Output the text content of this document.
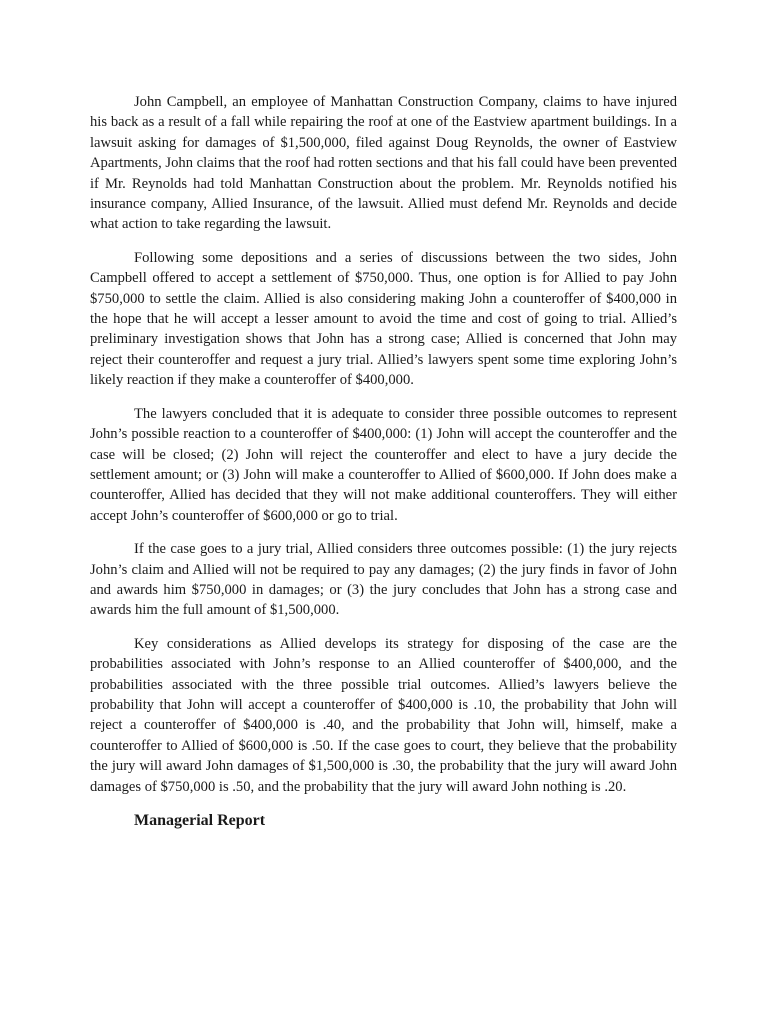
John Campbell, an employee of Manhattan Construction Company, claims to have injured his back as a result of a fall while repairing the roof at one of the Eastview apartment buildings. In a lawsuit asking for damages of $1,500,000, filed against Doug Reynolds, the owner of Eastview Apartments, John claims that the roof had rotten sections and that his fall could have been prevented if Mr. Reynolds had told Manhattan Construction about the problem. Mr. Reynolds notified his insurance company, Allied Insurance, of the lawsuit. Allied must defend Mr. Reynolds and decide what action to take regarding the lawsuit.

Following some depositions and a series of discussions between the two sides, John Campbell offered to accept a settlement of $750,000. Thus, one option is for Allied to pay John $750,000 to settle the claim. Allied is also considering making John a counteroffer of $400,000 in the hope that he will accept a lesser amount to avoid the time and cost of going to trial. Allied’s preliminary investigation shows that John has a strong case; Allied is concerned that John may reject their counteroffer and request a jury trial. Allied’s lawyers spent some time exploring John’s likely reaction if they make a counteroffer of $400,000.

The lawyers concluded that it is adequate to consider three possible outcomes to represent John’s possible reaction to a counteroffer of $400,000: (1) John will accept the counteroffer and the case will be closed; (2) John will reject the counteroffer and elect to have a jury decide the settlement amount; or (3) John will make a counteroffer to Allied of $600,000. If John does make a counteroffer, Allied has decided that they will not make additional counteroffers. They will either accept John’s counteroffer of $600,000 or go to trial.

If the case goes to a jury trial, Allied considers three outcomes possible: (1) the jury rejects John’s claim and Allied will not be required to pay any damages; (2) the jury finds in favor of John and awards him $750,000 in damages; or (3) the jury concludes that John has a strong case and awards him the full amount of $1,500,000.

Key considerations as Allied develops its strategy for disposing of the case are the probabilities associated with John’s response to an Allied counteroffer of $400,000, and the probabilities associated with the three possible trial outcomes. Allied’s lawyers believe the probability that John will accept a counteroffer of $400,000 is .10, the probability that John will reject a counteroffer of $400,000 is .40, and the probability that John will, himself, make a counteroffer to Allied of $600,000 is .50. If the case goes to court, they believe that the probability the jury will award John damages of $1,500,000 is .30, the probability that the jury will award John damages of $750,000 is .50, and the probability that the jury will award John nothing is .20.

Managerial Report
